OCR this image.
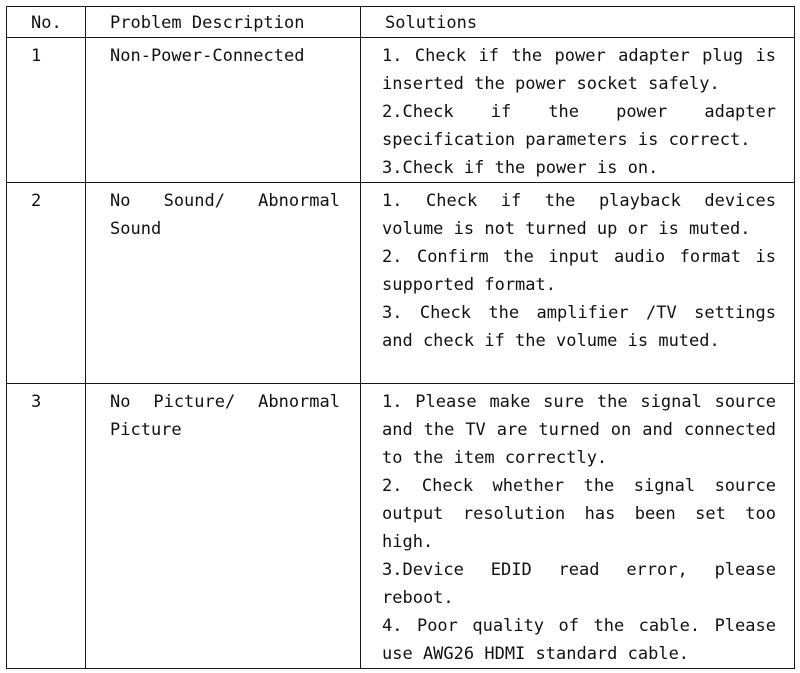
No.	Problem Description	Solutions

1	Non-Power-Connected	1. Check if the power adapter plug is inserted the power socket safely.
2.Check if the power adapter specification parameters is correct.
3.Check if the power is on.

2	No Sound/ Abnormal Sound	1. Check if the playback devices volume is not turned up or is muted.
2. Confirm the input audio format is supported format.
3. Check the amplifier /TV settings and check if the volume is muted.

3	No Picture/ Abnormal Picture	1. Please make sure the signal source and the TV are turned on and connected to the item correctly.
2. Check whether the signal source output resolution has been set too high.
3.Device EDID read error, please reboot.
4. Poor quality of the cable. Please use AWG26 HDMI standard cable.
